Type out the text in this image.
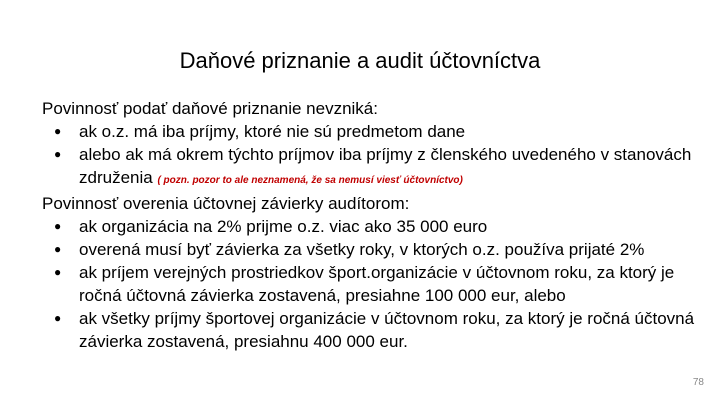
Daňové priznanie a audit účtovníctva

Povinnosť podať daňové priznanie nevzniká:

● ak o.z. má iba príjmy, ktoré nie sú predmetom dane
● alebo ak má okrem týchto príjmov iba príjmy z členského uvedeného v stanovách združenia ( pozn. pozor to ale neznamená, že sa nemusí viesť účtovníctvo)

Povinnosť overenia účtovnej závierky audítorom:

● ak organizácia na 2% prijme o.z. viac ako 35 000 euro
● overená musí byť závierka za všetky roky, v ktorých o.z. používa prijaté 2%
● ak príjem verejných prostriedkov šport.organizácie v účtovnom roku, za ktorý je ročná účtovná závierka zostavená, presiahne 100 000 eur, alebo
● ak všetky príjmy športovej organizácie v účtovnom roku, za ktorý je ročná účtovná závierka zostavená, presiahnu 400 000 eur.
78
